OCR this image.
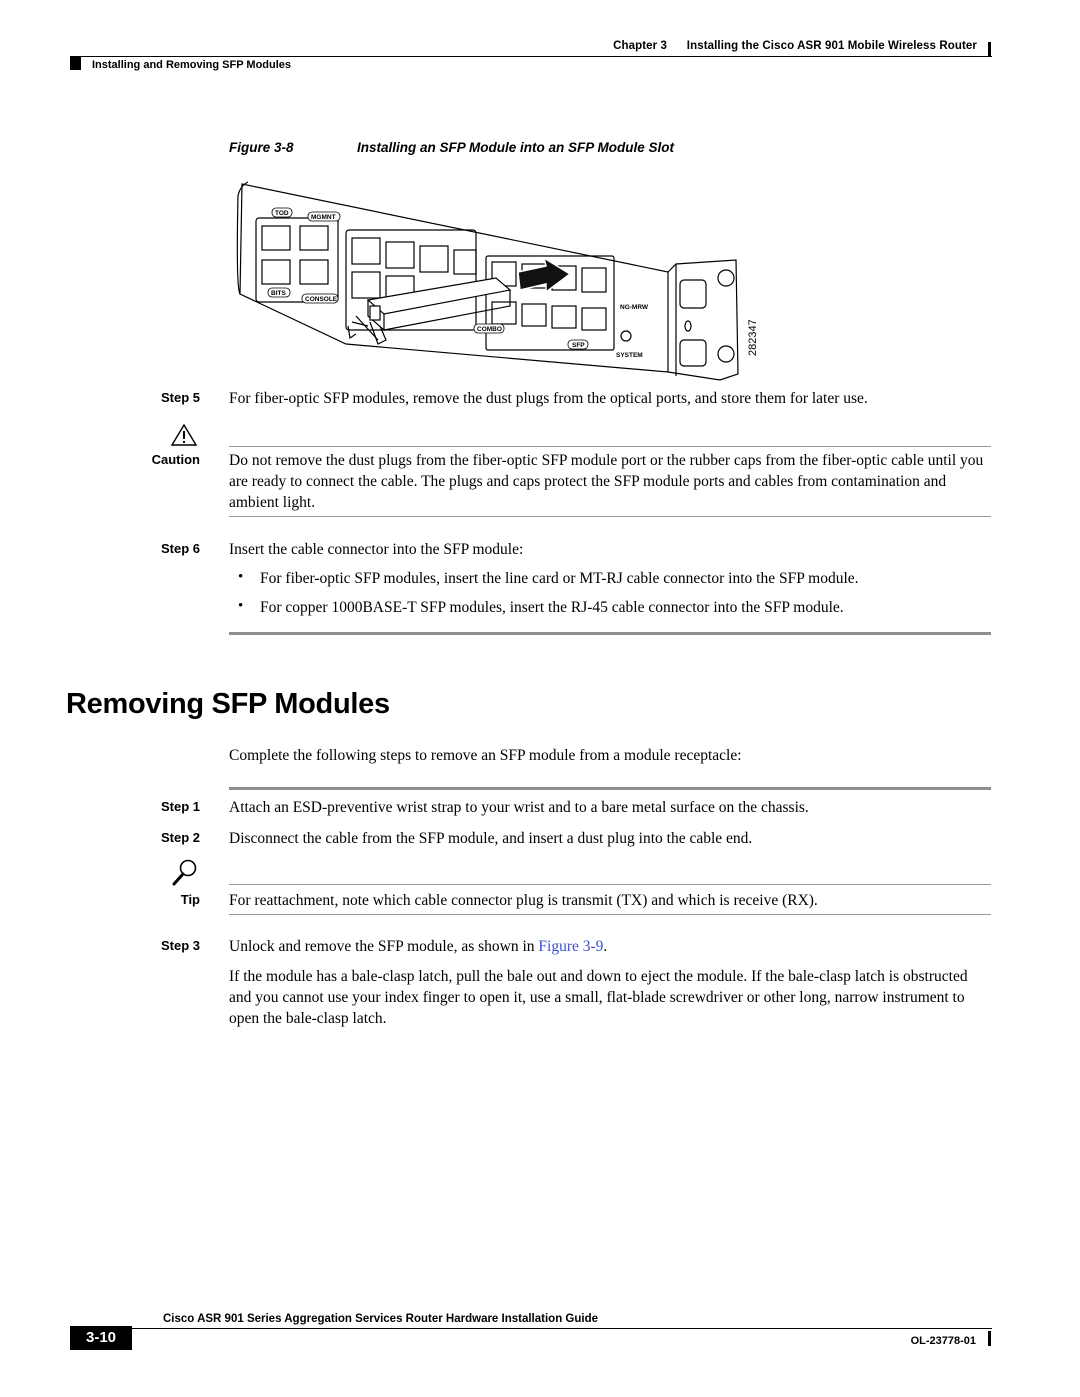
Chapter 3      Installing the Cisco ASR 901 Mobile Wireless Router
Installing and Removing SFP Modules
Figure 3-8	Installing an SFP Module into an SFP Module Slot
TOD
MGMNT
BITS
CONSOLE
COMBO
SFP
SYSTEM
NG-MRW
282347
Step 5 For fiber-optic SFP modules, remove the dust plugs from the optical ports, and store them for later use.
Caution Do not remove the dust plugs from the fiber-optic SFP module port or the rubber caps from the fiber-optic cable until you are ready to connect the cable. The plugs and caps protect the SFP module ports and cables from contamination and ambient light.
Step 6 Insert the cable connector into the SFP module:
• For fiber-optic SFP modules, insert the line card or MT-RJ cable connector into the SFP module.
• For copper 1000BASE-T SFP modules, insert the RJ-45 cable connector into the SFP module.
Removing SFP Modules
Complete the following steps to remove an SFP module from a module receptacle:
Step 1 Attach an ESD-preventive wrist strap to your wrist and to a bare metal surface on the chassis.
Step 2 Disconnect the cable from the SFP module, and insert a dust plug into the cable end.
Tip For reattachment, note which cable connector plug is transmit (TX) and which is receive (RX).
Step 3 Unlock and remove the SFP module, as shown in Figure 3-9.
If the module has a bale-clasp latch, pull the bale out and down to eject the module. If the bale-clasp latch is obstructed and you cannot use your index finger to open it, use a small, flat-blade screwdriver or other long, narrow instrument to open the bale-clasp latch.
Cisco ASR 901 Series Aggregation Services Router Hardware Installation Guide
3-10	OL-23778-01
